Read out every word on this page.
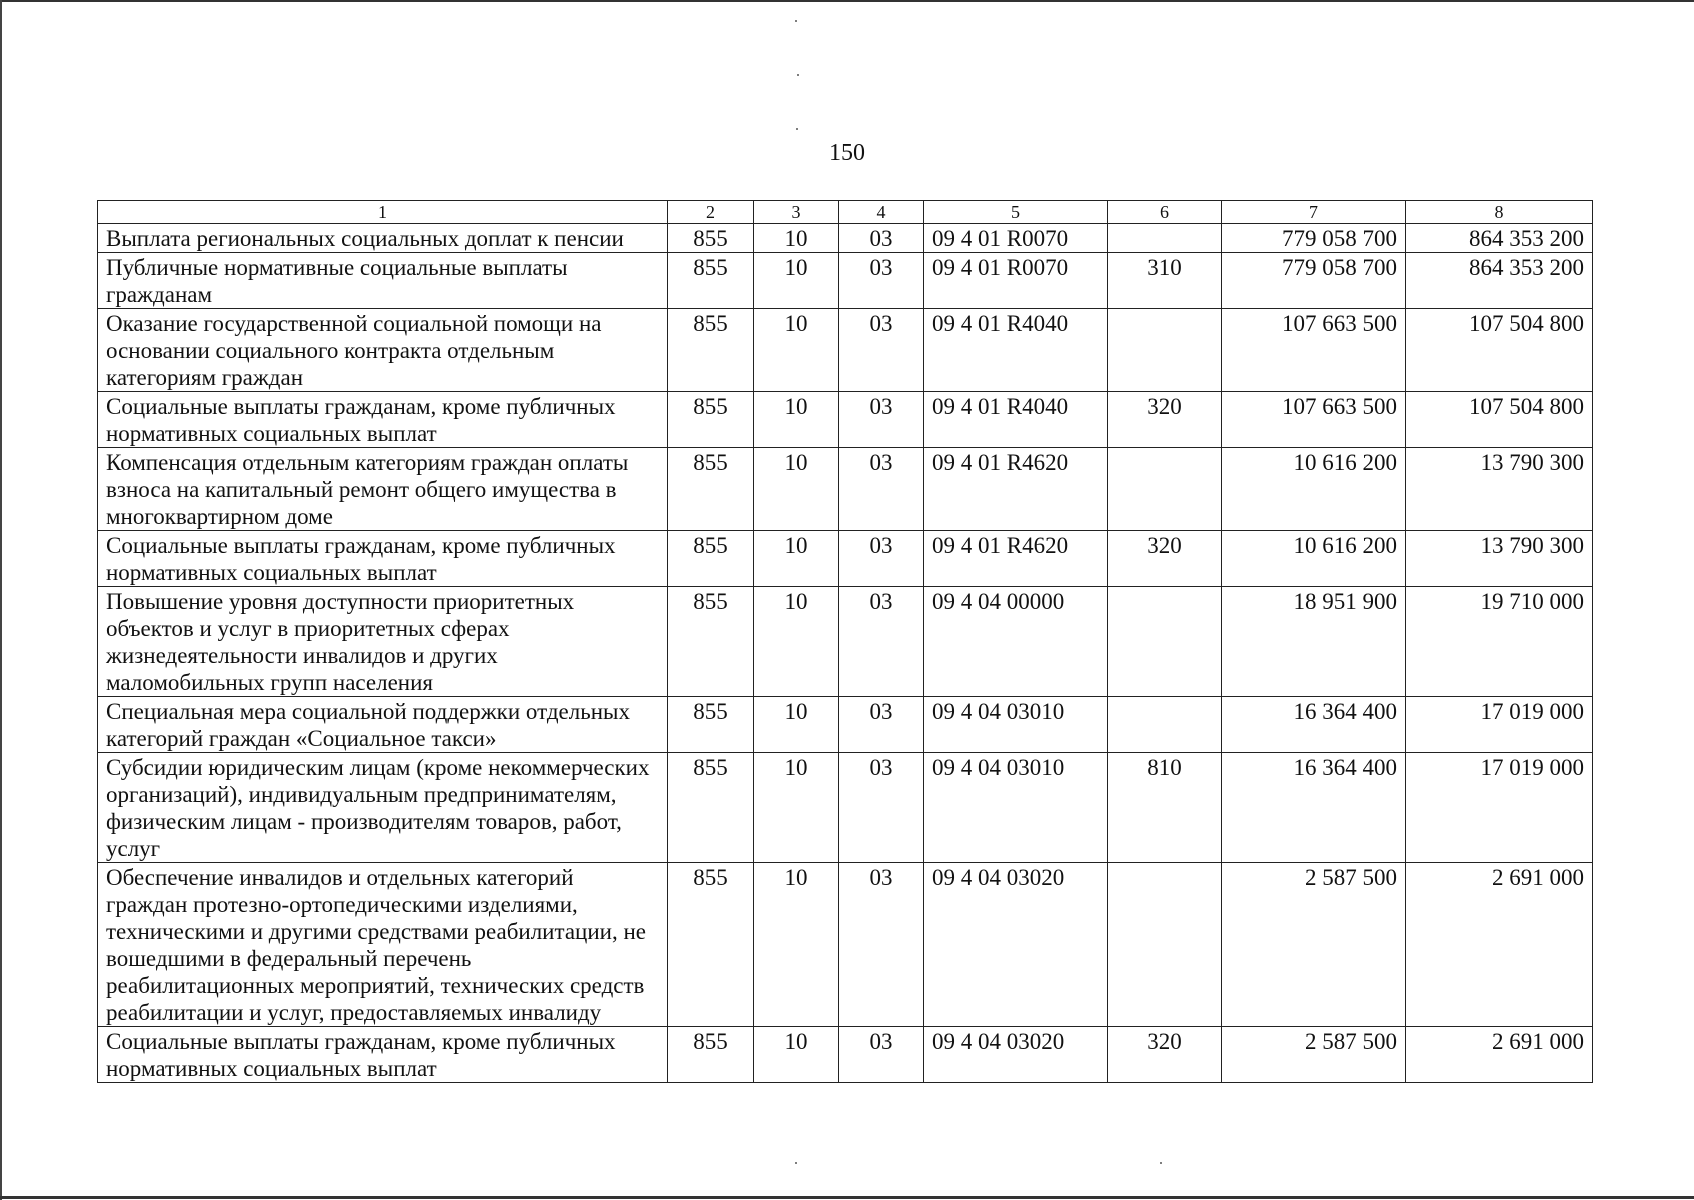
150
1	2	3	4	5	6	7	8
Выплата региональных социальных доплат к пенсии	855	10	03	09 4 01 R0070		779 058 700	864 353 200
Публичные нормативные социальные выплаты гражданам	855	10	03	09 4 01 R0070	310	779 058 700	864 353 200
Оказание государственной социальной помощи на основании социального контракта отдельным категориям граждан	855	10	03	09 4 01 R4040		107 663 500	107 504 800
Социальные выплаты гражданам, кроме публичных нормативных социальных выплат	855	10	03	09 4 01 R4040	320	107 663 500	107 504 800
Компенсация отдельным категориям граждан оплаты взноса на капитальный ремонт общего имущества в многоквартирном доме	855	10	03	09 4 01 R4620		10 616 200	13 790 300
Социальные выплаты гражданам, кроме публичных нормативных социальных выплат	855	10	03	09 4 01 R4620	320	10 616 200	13 790 300
Повышение уровня доступности приоритетных объектов и услуг в приоритетных сферах жизнедеятельности инвалидов и других маломобильных групп населения	855	10	03	09 4 04 00000		18 951 900	19 710 000
Специальная мера социальной поддержки отдельных категорий граждан «Социальное такси»	855	10	03	09 4 04 03010		16 364 400	17 019 000
Субсидии юридическим лицам (кроме некоммерческих организаций), индивидуальным предпринимателям, физическим лицам - производителям товаров, работ, услуг	855	10	03	09 4 04 03010	810	16 364 400	17 019 000
Обеспечение инвалидов и отдельных категорий граждан протезно-ортопедическими изделиями, техническими и другими средствами реабилитации, не вошедшими в федеральный перечень реабилитационных мероприятий, технических средств реабилитации и услуг, предоставляемых инвалиду	855	10	03	09 4 04 03020		2 587 500	2 691 000
Социальные выплаты гражданам, кроме публичных нормативных социальных выплат	855	10	03	09 4 04 03020	320	2 587 500	2 691 000
